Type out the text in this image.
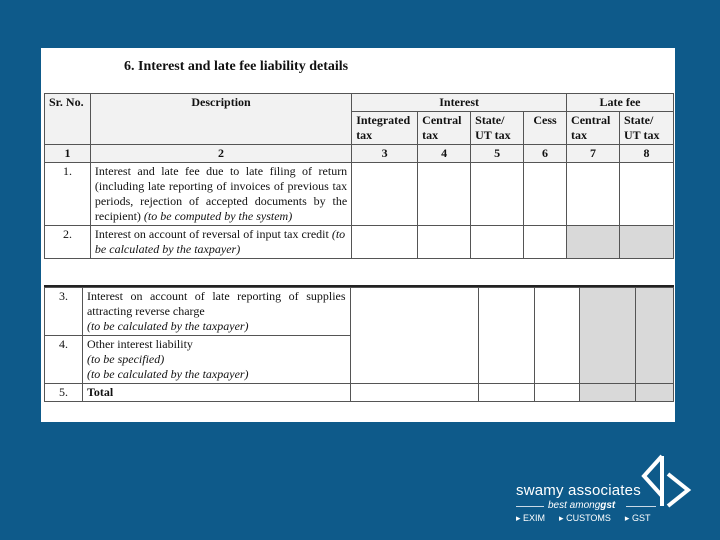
6. Interest and late fee liability details
Sr. No.	Description	Interest				Late fee	
		Integrated tax	Central tax	State/ UT tax	Cess	Central tax	State/ UT tax
1	2	3	4	5	6	7	8
1.	Interest and late fee due to late filing of return (including late reporting of invoices of previous tax periods, rejection of accepted documents by the recipient) (to be computed by the system)						
2.	Interest on account of reversal of input tax credit (to be calculated by the taxpayer)						
3.	Interest on account of late reporting of supplies attracting reverse charge
(to be calculated by the taxpayer)					
4.	Other interest liability
(to be specified)
(to be calculated by the taxpayer)					
5.	Total					
swamy associates
best amonggst
▸ EXIM ▸ CUSTOMS ▸ GST
